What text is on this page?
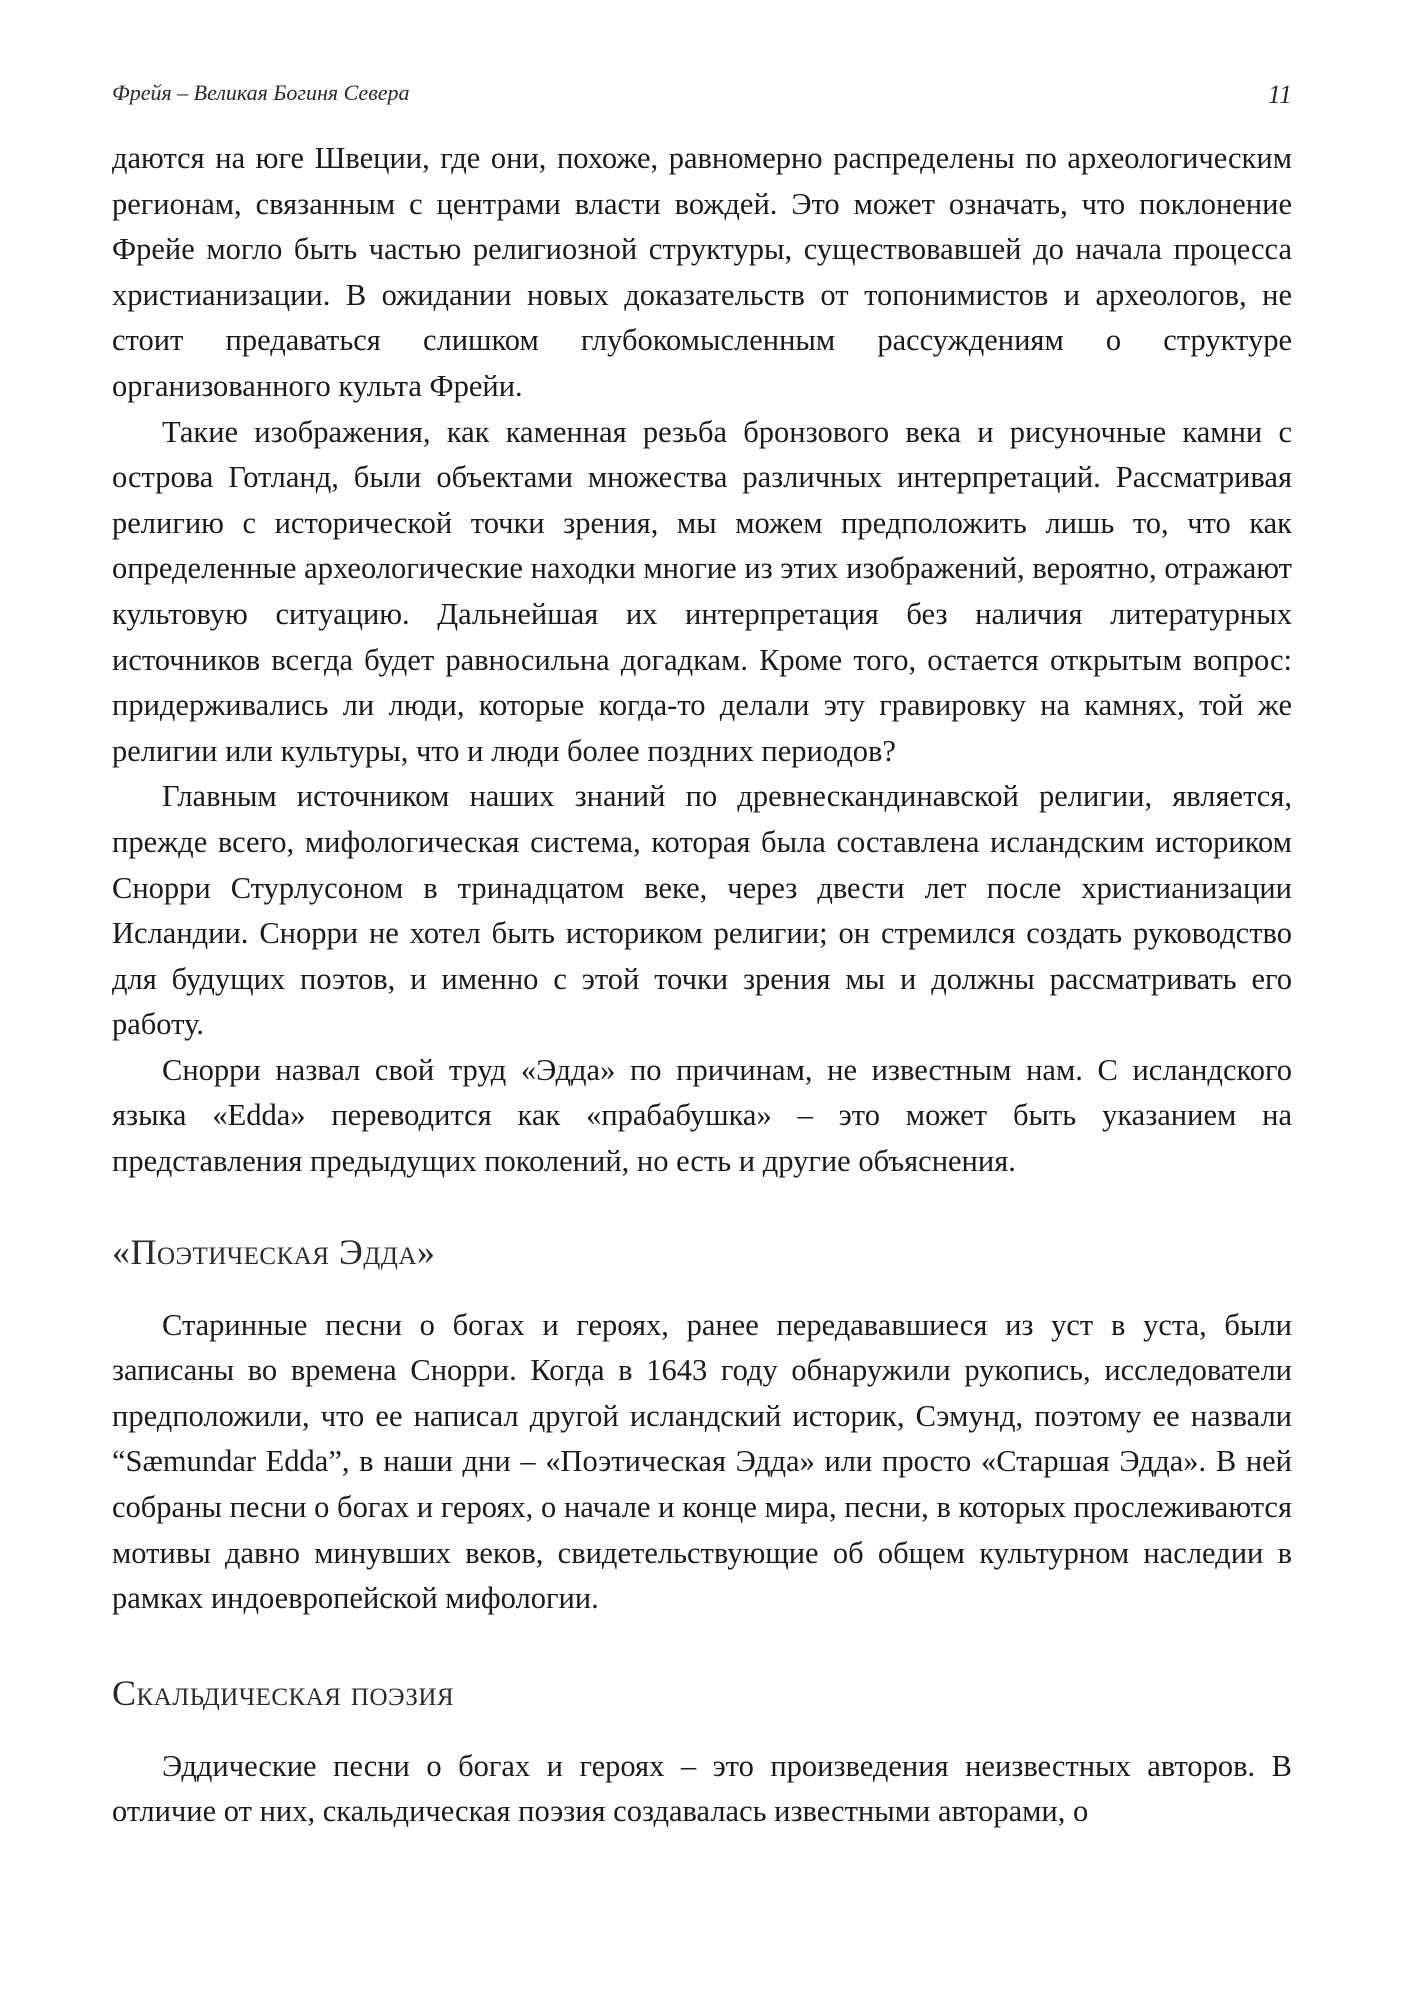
Фрейя – Великая Богиня Севера	11

даются на юге Швеции, где они, похоже, равномерно распределены по археологическим регионам, связанным с центрами власти вождей. Это может означать, что поклонение Фрейе могло быть частью религиозной структуры, существовавшей до начала процесса христианизации. В ожидании новых доказательств от топонимистов и археологов, не стоит предаваться слишком глубокомысленным рассуждениям о структуре организованного культа Фрейи.

Такие изображения, как каменная резьба бронзового века и рисуночные камни с острова Готланд, были объектами множества различных интерпретаций. Рассматривая религию с исторической точки зрения, мы можем предположить лишь то, что как определенные археологические находки многие из этих изображений, вероятно, отражают культовую ситуацию. Дальнейшая их интерпретация без наличия литературных источников всегда будет равносильна догадкам. Кроме того, остается открытым вопрос: придерживались ли люди, которые когда-то делали эту гравировку на камнях, той же религии или культуры, что и люди более поздних периодов?

Главным источником наших знаний по древнескандинавской религии, является, прежде всего, мифологическая система, которая была составлена исландским историком Снорри Стурлусоном в тринадцатом веке, через двести лет после христианизации Исландии. Снорри не хотел быть историком религии; он стремился создать руководство для будущих поэтов, и именно с этой точки зрения мы и должны рассматривать его работу.

Снорри назвал свой труд «Эдда» по причинам, не известным нам. С исландского языка «Edda» переводится как «прабабушка» – это может быть указанием на представления предыдущих поколений, но есть и другие объяснения.

«Поэтическая Эдда»

Старинные песни о богах и героях, ранее передававшиеся из уст в уста, были записаны во времена Снорри. Когда в 1643 году обнаружили рукопись, исследователи предположили, что ее написал другой исландский историк, Сэмунд, поэтому ее назвали “Sæmundar Edda”, в наши дни – «Поэтическая Эдда» или просто «Старшая Эдда». В ней собраны песни о богах и героях, о начале и конце мира, песни, в которых прослеживаются мотивы давно минувших веков, свидетельствующие об общем культурном наследии в рамках индоевропейской мифологии.

Скальдическая поэзия

Эддические песни о богах и героях – это произведения неизвестных авторов. В отличие от них, скальдическая поэзия создавалась известными авторами, о
